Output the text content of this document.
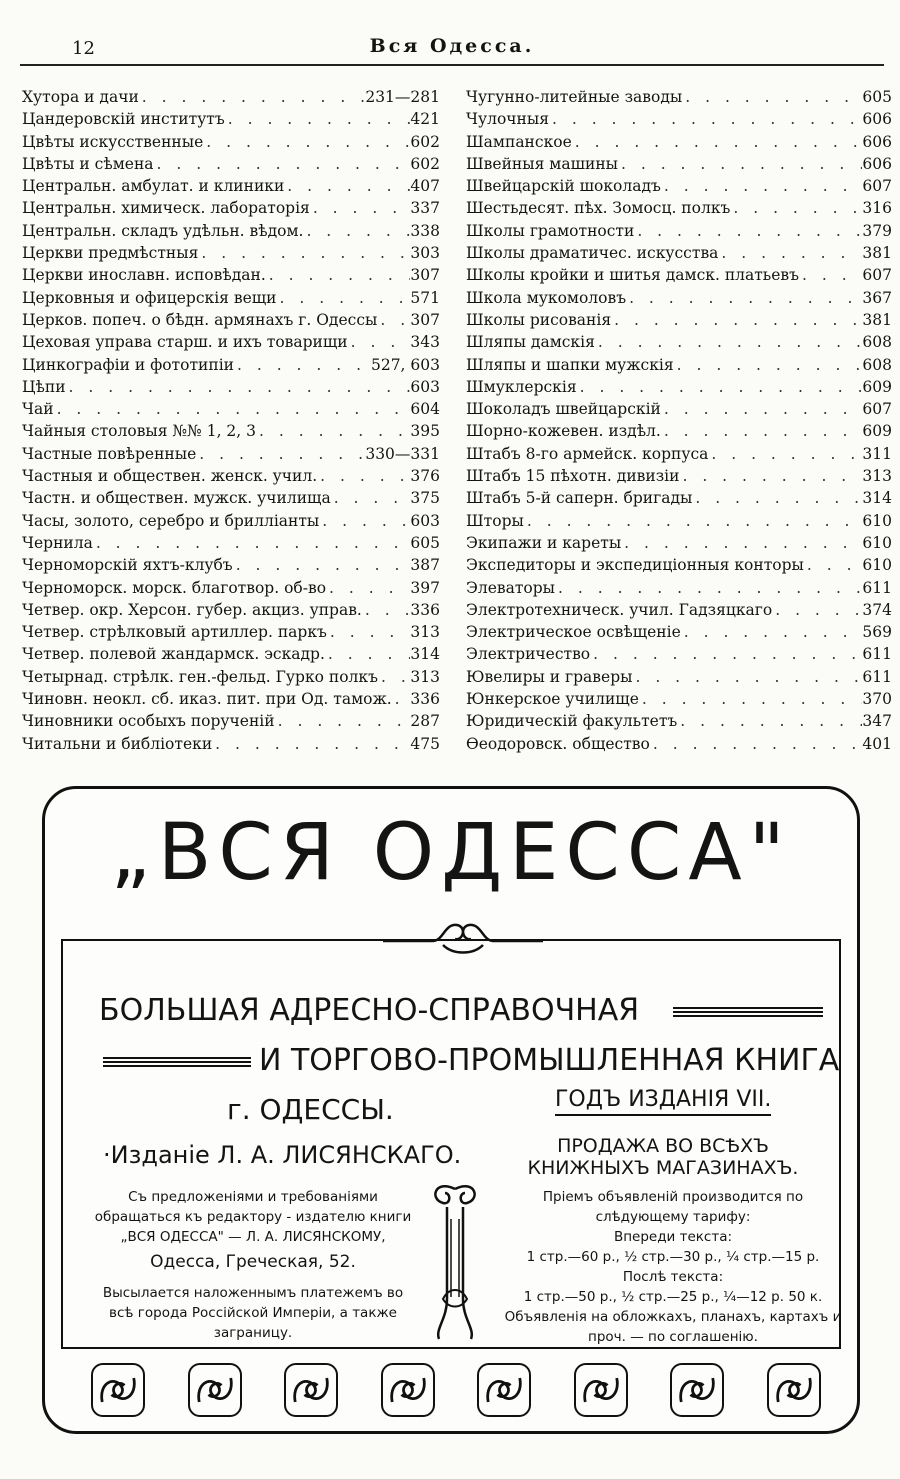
12	Вся Одесса.
Хутора и дачи . . .	231—281
Цандеровскiй институтъ . . .	421
Цвѣты искусственные . . .	602
Цвѣты и сѣмена . . .	602
Центральн. амбулат. и клиники . . .	407
Центральн. химическ. лабораторiя . . .	337
Центральн. складъ удѣльн. вѣдом. . . .	338
Церкви предмѣстныя . . .	303
Церкви инославн. исповѣдан. . . .	307
Церковныя и офицерскiя вещи . . .	571
Церков. попеч. о бѣдн. армянахъ г. Одессы . . . 307
Цеховая управа старш. и ихъ товарищи . . .	343
Цинкографiи и фототипiи . . .	527, 603
Цѣпи . . .	603
Чай . . .	604
Чайныя столовыя №№ 1, 2, 3 . . .	395
Частные повѣренные . . .	330—331
Частныя и обществен. женск. учил. . . .	376
Частн. и обществен. мужск. училища . . .	375
Часы, золото, серебро и брилліанты . . .	603
Чернила . . .	605
Черноморскiй яхтъ-клубъ . . .	387
Черноморск. морск. благотвор. об-во . . .	397
Четвер. окр. Херсон. губер. акциз. управ. . . .	336
Четвер. стрѣлковый артиллер. паркъ . . .	313
Четвер. полевой жандармск. эскадр. . . .	314
Четырнад. стрѣлк. ген.-фельд. Гурко полкъ . . . 313
Чиновн. неокл. сб. иказ. пит. при Од. тамож. . . . 336
Чиновники особыхъ порученiй . . .	287
Читальни и библiотеки . . .	475
Чугунно-литейные заводы . . .	605
Чулочныя . . .	606
Шампанское . . .	606
Швейныя машины . . .	606
Швейцарскiй шоколадъ . . .	607
Шестьдесят. пѣх. Зомосц. полкъ . . .	316
Школы грамотности . . .	379
Школы драматичес. искусства . . .	381
Школы кройки и шитья дамск. платьевъ . . .	607
Школа мукомоловъ . . .	367
Школы рисованiя . . .	381
Шляпы дамскiя . . .	608
Шляпы и шапки мужскiя . . .	608
Шмуклерскiя . . .	609
Шоколадъ швейцарскiй . . .	607
Шорно-кожевен. издѣл. . . .	609
Штабъ 8-го армейск. корпуса . . .	311
Штабъ 15 пѣхотн. дивизiи . . .	313
Штабъ 5-й саперн. бригады . . .	314
Шторы . . .	610
Экипажи и кареты . . .	610
Экспедиторы и экспедицiонныя конторы . . .	610
Элеваторы . . .	611
Электротехническ. учил. Гадзяцкаго . . .	374
Электрическое освѣщенiе . . .	569
Электричество . . .	611
Ювелиры и граверы . . .	611
Юнкерское училище . . .	370
Юридическiй факультетъ . . .	347
Ѳеодоровск. общество . . .	401
„ВСЯ ОДЕССА"
БОЛЬШАЯ АДРЕСНО-СПРАВОЧНАЯ
И ТОРГОВО-ПРОМЫШЛЕННАЯ КНИГА
г. ОДЕССЫ.	ГОДЪ ИЗДАНIЯ VII.
·Изданiе Л. А. ЛИСЯНСКАГО.	ПРОДАЖА ВО ВСѢХЪ КНИЖНЫХЪ МАГАЗИНАХЪ.
Съ предложенiями и требованiями обращаться къ редактору - издателю книги „ВСЯ ОДЕССА" — Л. А. ЛИСЯНСКОМУ,
Одесса, Греческая, 52.
Высылается наложеннымъ платежемъ во всѣ города Россiйской Имперiи, а также заграницу.
Прiемъ объявленiй производится по слѣдующему тарифу:
Впереди текста:
1 стр.—60 р., ½ стр.—30 р., ¼ стр.—15 р.
Послѣ текста:
1 стр.—50 р., ½ стр.—25 р., ¼—12 р. 50 к.
Объявленiя на обложкахъ, планахъ, картахъ и проч. — по соглашенiю.
